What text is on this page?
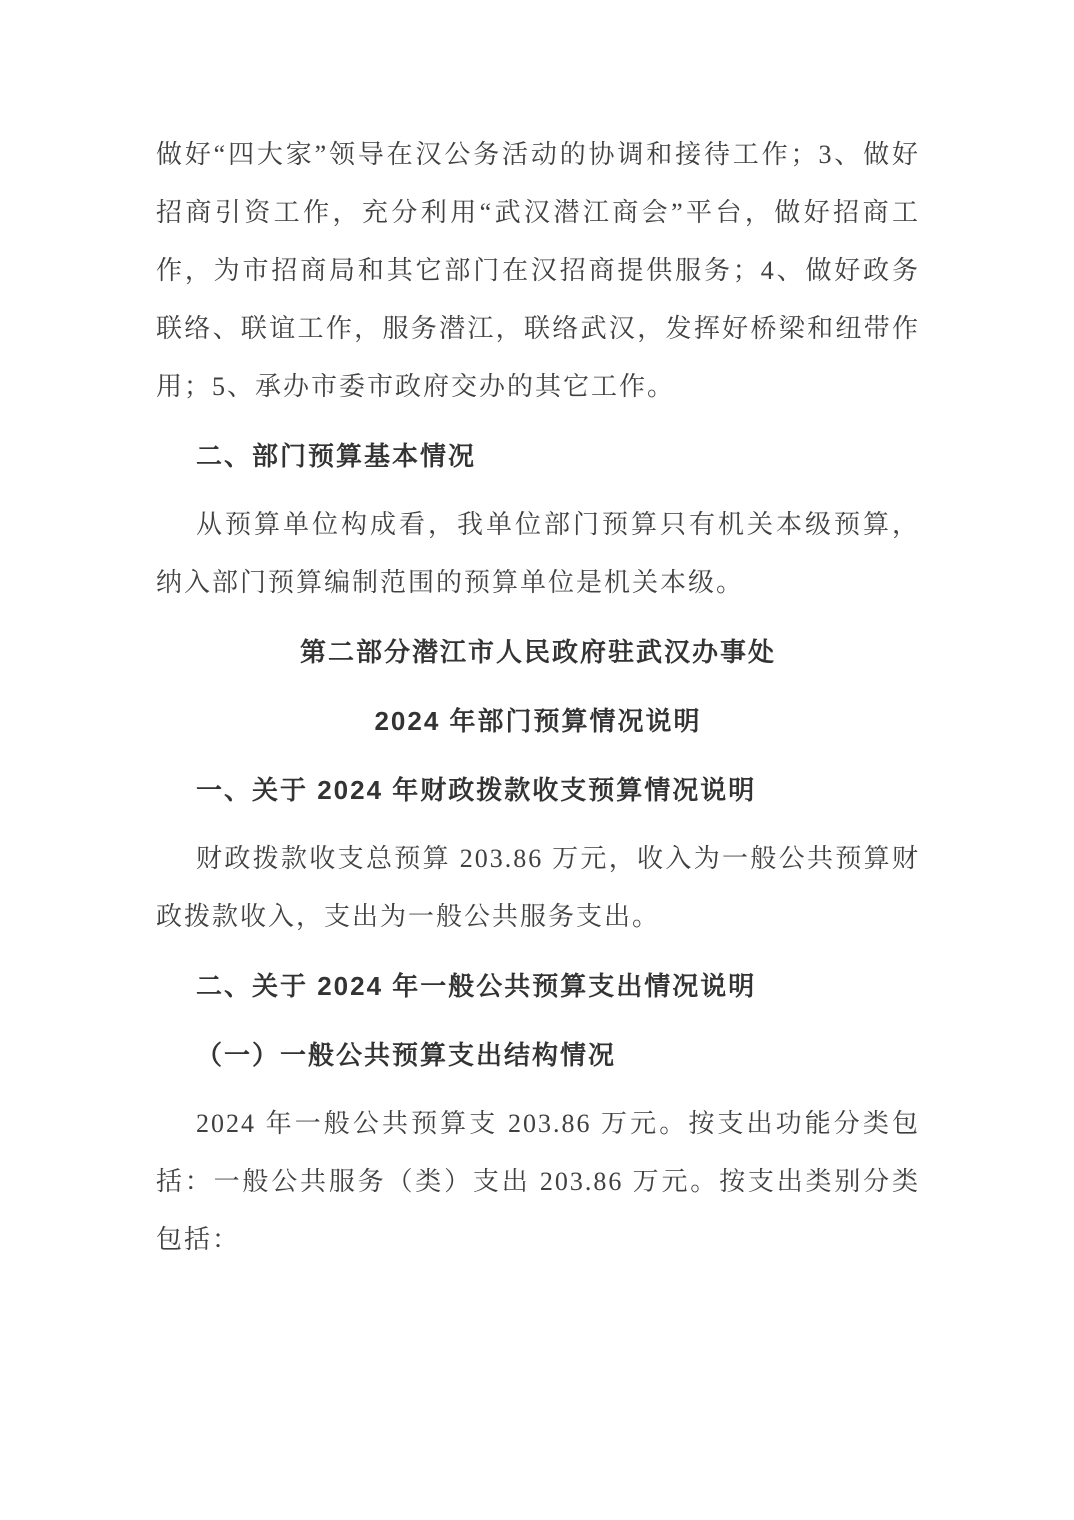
做好“四大家”领导在汉公务活动的协调和接待工作；3、做好招商引资工作，充分利用“武汉潜江商会”平台，做好招商工作，为市招商局和其它部门在汉招商提供服务；4、做好政务联络、联谊工作，服务潜江，联络武汉，发挥好桥梁和纽带作用；5、承办市委市政府交办的其它工作。
二、部门预算基本情况
从预算单位构成看，我单位部门预算只有机关本级预算，纳入部门预算编制范围的预算单位是机关本级。
第二部分潜江市人民政府驻武汉办事处
2024 年部门预算情况说明
一、关于 2024 年财政拨款收支预算情况说明
财政拨款收支总预算 203.86 万元，收入为一般公共预算财政拨款收入，支出为一般公共服务支出。
二、关于 2024 年一般公共预算支出情况说明
（一）一般公共预算支出结构情况
2024 年一般公共预算支 203.86 万元。按支出功能分类包括：一般公共服务（类）支出 203.86 万元。按支出类别分类包括：
